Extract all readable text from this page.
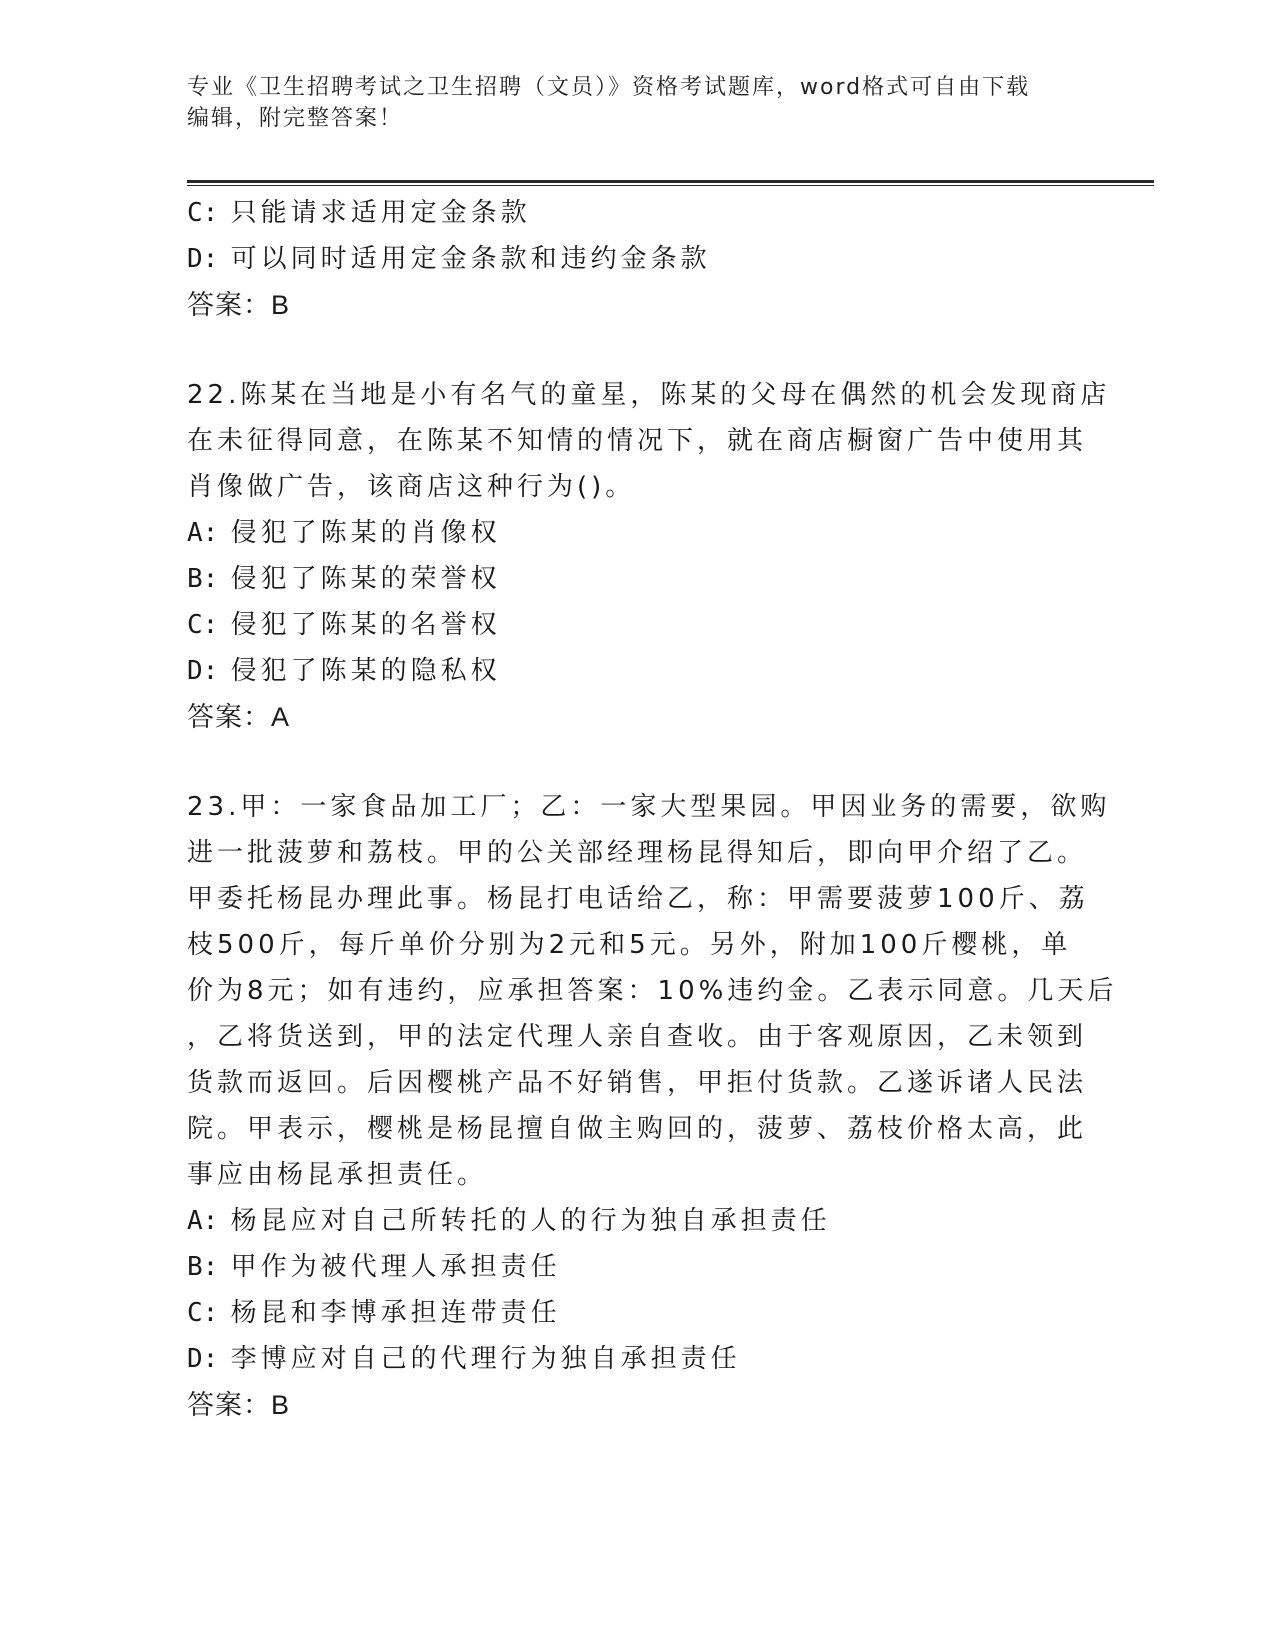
专业《卫生招聘考试之卫生招聘（文员）》资格考试题库，word格式可自由下载
编辑，附完整答案！
C: 只能请求适用定金条款
D: 可以同时适用定金条款和违约金条款
答案：B
22.陈某在当地是小有名气的童星，陈某的父母在偶然的机会发现商店
在未征得同意，在陈某不知情的情况下，就在商店橱窗广告中使用其
肖像做广告，该商店这种行为()。
A: 侵犯了陈某的肖像权
B: 侵犯了陈某的荣誉权
C: 侵犯了陈某的名誉权
D: 侵犯了陈某的隐私权
答案：A
23.甲：一家食品加工厂；乙：一家大型果园。甲因业务的需要，欲购
进一批菠萝和荔枝。甲的公关部经理杨昆得知后，即向甲介绍了乙。
甲委托杨昆办理此事。杨昆打电话给乙，称：甲需要菠萝100斤、荔
枝500斤，每斤单价分别为2元和5元。另外，附加100斤樱桃，单
价为8元；如有违约，应承担答案：10%违约金。乙表示同意。几天后
，乙将货送到，甲的法定代理人亲自查收。由于客观原因，乙未领到
货款而返回。后因樱桃产品不好销售，甲拒付货款。乙遂诉诸人民法
院。甲表示，樱桃是杨昆擅自做主购回的，菠萝、荔枝价格太高，此
事应由杨昆承担责任。
A: 杨昆应对自己所转托的人的行为独自承担责任
B: 甲作为被代理人承担责任
C: 杨昆和李博承担连带责任
D: 李博应对自己的代理行为独自承担责任
答案：B
